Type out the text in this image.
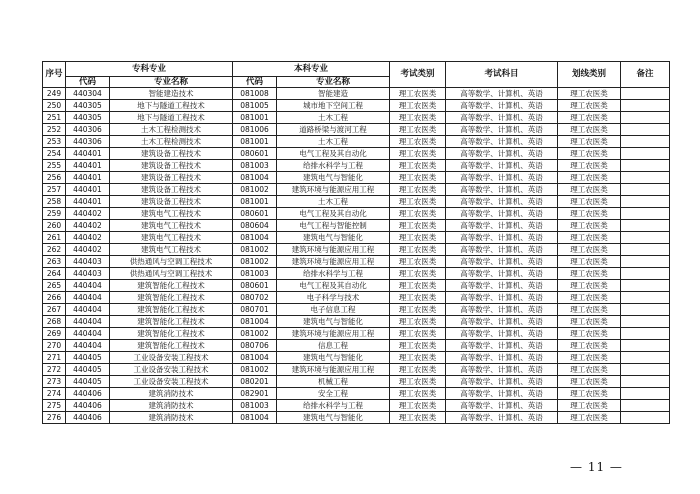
序号	专科专业		本科专业		考试类别	考试科目	划线类别	备注
	代码	专业名称	代码	专业名称				
249	440304	智能建造技术	081008	智能建造	理工农医类	高等数学、计算机、英语	理工农医类	
250	440305	地下与隧道工程技术	081005	城市地下空间工程	理工农医类	高等数学、计算机、英语	理工农医类	
251	440305	地下与隧道工程技术	081001	土木工程	理工农医类	高等数学、计算机、英语	理工农医类	
252	440306	土木工程检测技术	081006	道路桥梁与渡河工程	理工农医类	高等数学、计算机、英语	理工农医类	
253	440306	土木工程检测技术	081001	土木工程	理工农医类	高等数学、计算机、英语	理工农医类	
254	440401	建筑设备工程技术	080601	电气工程及其自动化	理工农医类	高等数学、计算机、英语	理工农医类	
255	440401	建筑设备工程技术	081003	给排水科学与工程	理工农医类	高等数学、计算机、英语	理工农医类	
256	440401	建筑设备工程技术	081004	建筑电气与智能化	理工农医类	高等数学、计算机、英语	理工农医类	
257	440401	建筑设备工程技术	081002	建筑环境与能源应用工程	理工农医类	高等数学、计算机、英语	理工农医类	
258	440401	建筑设备工程技术	081001	土木工程	理工农医类	高等数学、计算机、英语	理工农医类	
259	440402	建筑电气工程技术	080601	电气工程及其自动化	理工农医类	高等数学、计算机、英语	理工农医类	
260	440402	建筑电气工程技术	080604	电气工程与智能控制	理工农医类	高等数学、计算机、英语	理工农医类	
261	440402	建筑电气工程技术	081004	建筑电气与智能化	理工农医类	高等数学、计算机、英语	理工农医类	
262	440402	建筑电气工程技术	081002	建筑环境与能源应用工程	理工农医类	高等数学、计算机、英语	理工农医类	
263	440403	供热通风与空调工程技术	081002	建筑环境与能源应用工程	理工农医类	高等数学、计算机、英语	理工农医类	
264	440403	供热通风与空调工程技术	081003	给排水科学与工程	理工农医类	高等数学、计算机、英语	理工农医类	
265	440404	建筑智能化工程技术	080601	电气工程及其自动化	理工农医类	高等数学、计算机、英语	理工农医类	
266	440404	建筑智能化工程技术	080702	电子科学与技术	理工农医类	高等数学、计算机、英语	理工农医类	
267	440404	建筑智能化工程技术	080701	电子信息工程	理工农医类	高等数学、计算机、英语	理工农医类	
268	440404	建筑智能化工程技术	081004	建筑电气与智能化	理工农医类	高等数学、计算机、英语	理工农医类	
269	440404	建筑智能化工程技术	081002	建筑环境与能源应用工程	理工农医类	高等数学、计算机、英语	理工农医类	
270	440404	建筑智能化工程技术	080706	信息工程	理工农医类	高等数学、计算机、英语	理工农医类	
271	440405	工业设备安装工程技术	081004	建筑电气与智能化	理工农医类	高等数学、计算机、英语	理工农医类	
272	440405	工业设备安装工程技术	081002	建筑环境与能源应用工程	理工农医类	高等数学、计算机、英语	理工农医类	
273	440405	工业设备安装工程技术	080201	机械工程	理工农医类	高等数学、计算机、英语	理工农医类	
274	440406	建筑消防技术	082901	安全工程	理工农医类	高等数学、计算机、英语	理工农医类	
275	440406	建筑消防技术	081003	给排水科学与工程	理工农医类	高等数学、计算机、英语	理工农医类	
276	440406	建筑消防技术	081004	建筑电气与智能化	理工农医类	高等数学、计算机、英语	理工农医类	
— 11 —
